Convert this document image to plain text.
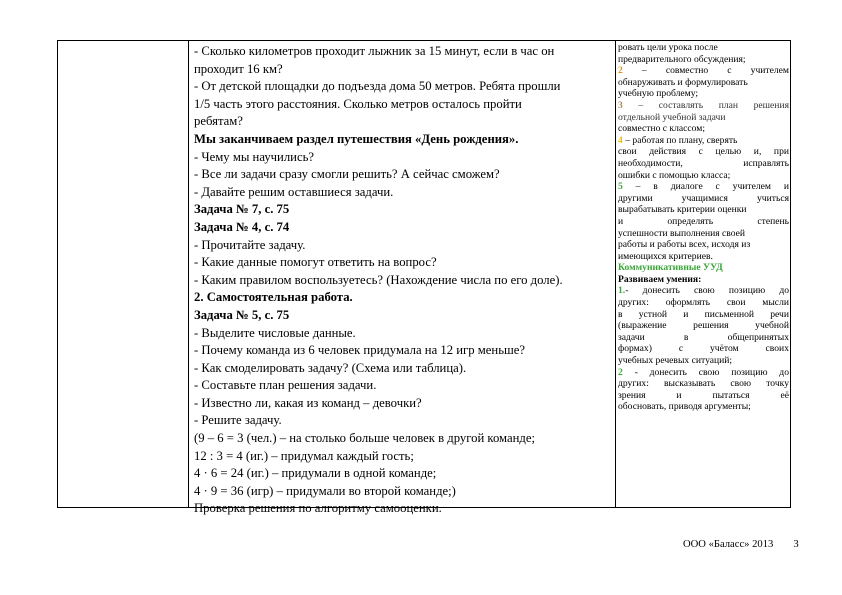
- Сколько километров проходит лыжник за 15 минут, если в час он
проходит 16 км?
- От детской площадки до подъезда дома 50 метров. Ребята прошли
1/5 часть этого расстояния. Сколько метров осталось пройти
ребятам?
Мы заканчиваем раздел путешествия «День рождения».
- Чему мы научились?
- Все ли задачи сразу смогли решить? А сейчас сможем?
- Давайте решим оставшиеся задачи.
Задача № 7, с. 75
Задача № 4, с. 74
- Прочитайте задачу.
- Какие данные помогут ответить на вопрос?
- Каким правилом воспользуетесь? (Нахождение числа по его доле).
2. Самостоятельная работа.
Задача № 5, с. 75
- Выделите числовые данные.
- Почему команда из 6 человек придумала на 12 игр меньше?
- Как смоделировать задачу? (Схема или таблица).
- Составьте план решения задачи.
- Известно ли, какая из команд – девочки?
- Решите задачу.
(9 – 6 = 3 (чел.) – на столько больше человек в другой команде;
12 : 3 = 4 (иг.) – придумал каждый гость;
4 · 6 = 24 (иг.) – придумали в одной команде;
4 · 9 = 36 (игр) – придумали во второй команде;)
Проверка решения по алгоритму самооценки.
ровать цели урока после
предварительного обсуждения;
2 – совместно с учителем
обнаруживать и формулировать
учебную проблему;
3 – составлять план решения
отдельной учебной задачи
совместно с классом;
4 – работая по плану, сверять
свои действия с целью и, при
необходимости, исправлять
ошибки с помощью класса;
5 – в диалоге с учителем и
другими учащимися учиться
вырабатывать критерии оценки
и определять степень
успешности выполнения своей
работы и работы всех, исходя из
имеющихся критериев.
Коммуникативные УУД
Развиваем умения:
1.- донесить свою позицию до
других: оформлять свои мысли
в устной и письменной речи
(выражение решения учебной
задачи в общепринятых
формах) с учётом своих
учебных речевых ситуаций;
2 - донесить свою позицию до
других: высказывать свою точку
зрения и пытаться её
обосновать, приводя аргументы;
ООО «Баласс» 2013 3
